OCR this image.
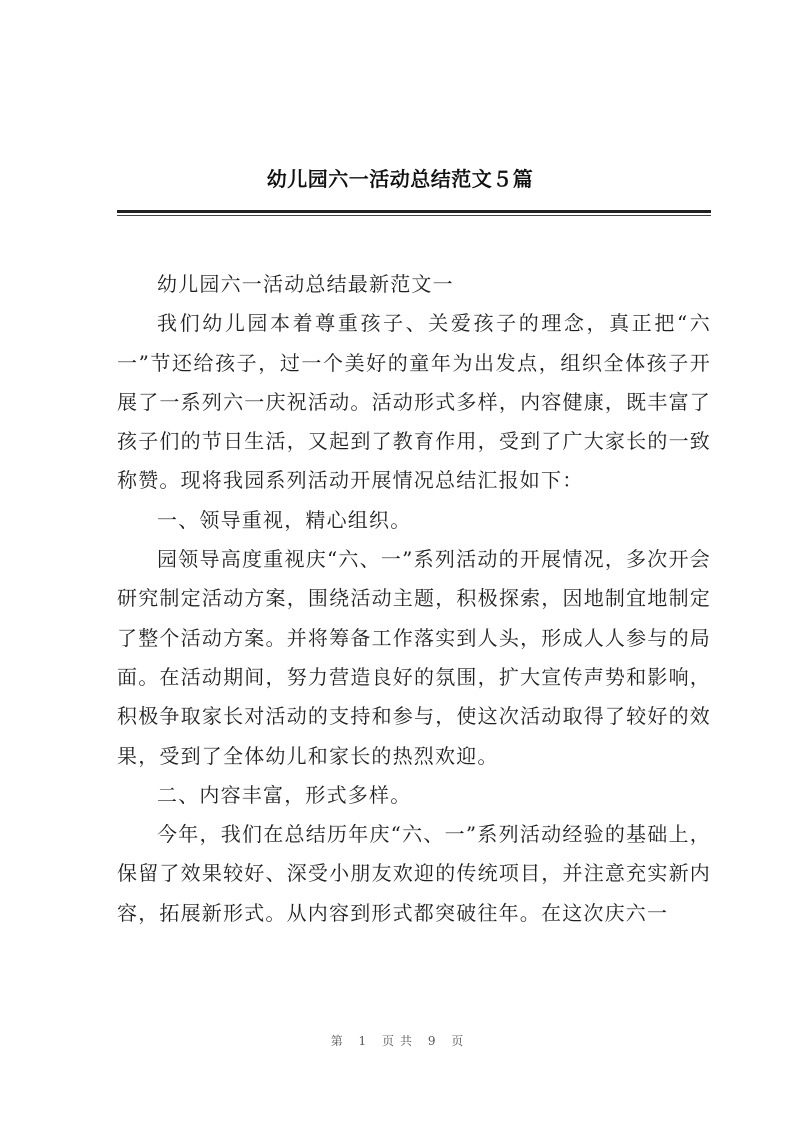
幼儿园六一活动总结范文５篇

幼儿园六一活动总结最新范文一

我们幼儿园本着尊重孩子、关爱孩子的理念，真正把“六一”节还给孩子，过一个美好的童年为出发点，组织全体孩子开展了一系列六一庆祝活动。活动形式多样，内容健康，既丰富了孩子们的节日生活，又起到了教育作用，受到了广大家长的一致称赞。现将我园系列活动开展情况总结汇报如下：

一、领导重视，精心组织。

园领导高度重视庆“六、一”系列活动的开展情况，多次开会研究制定活动方案，围绕活动主题，积极探索，因地制宜地制定了整个活动方案。并将筹备工作落实到人头，形成人人参与的局面。在活动期间，努力营造良好的氛围，扩大宣传声势和影响，积极争取家长对活动的支持和参与，使这次活动取得了较好的效果，受到了全体幼儿和家长的热烈欢迎。

二、内容丰富，形式多样。

今年，我们在总结历年庆“六、一”系列活动经验的基础上，保留了效果较好、深受小朋友欢迎的传统项目，并注意充实新内容，拓展新形式。从内容到形式都突破往年。在这次庆六一

第 1 页共 9 页
